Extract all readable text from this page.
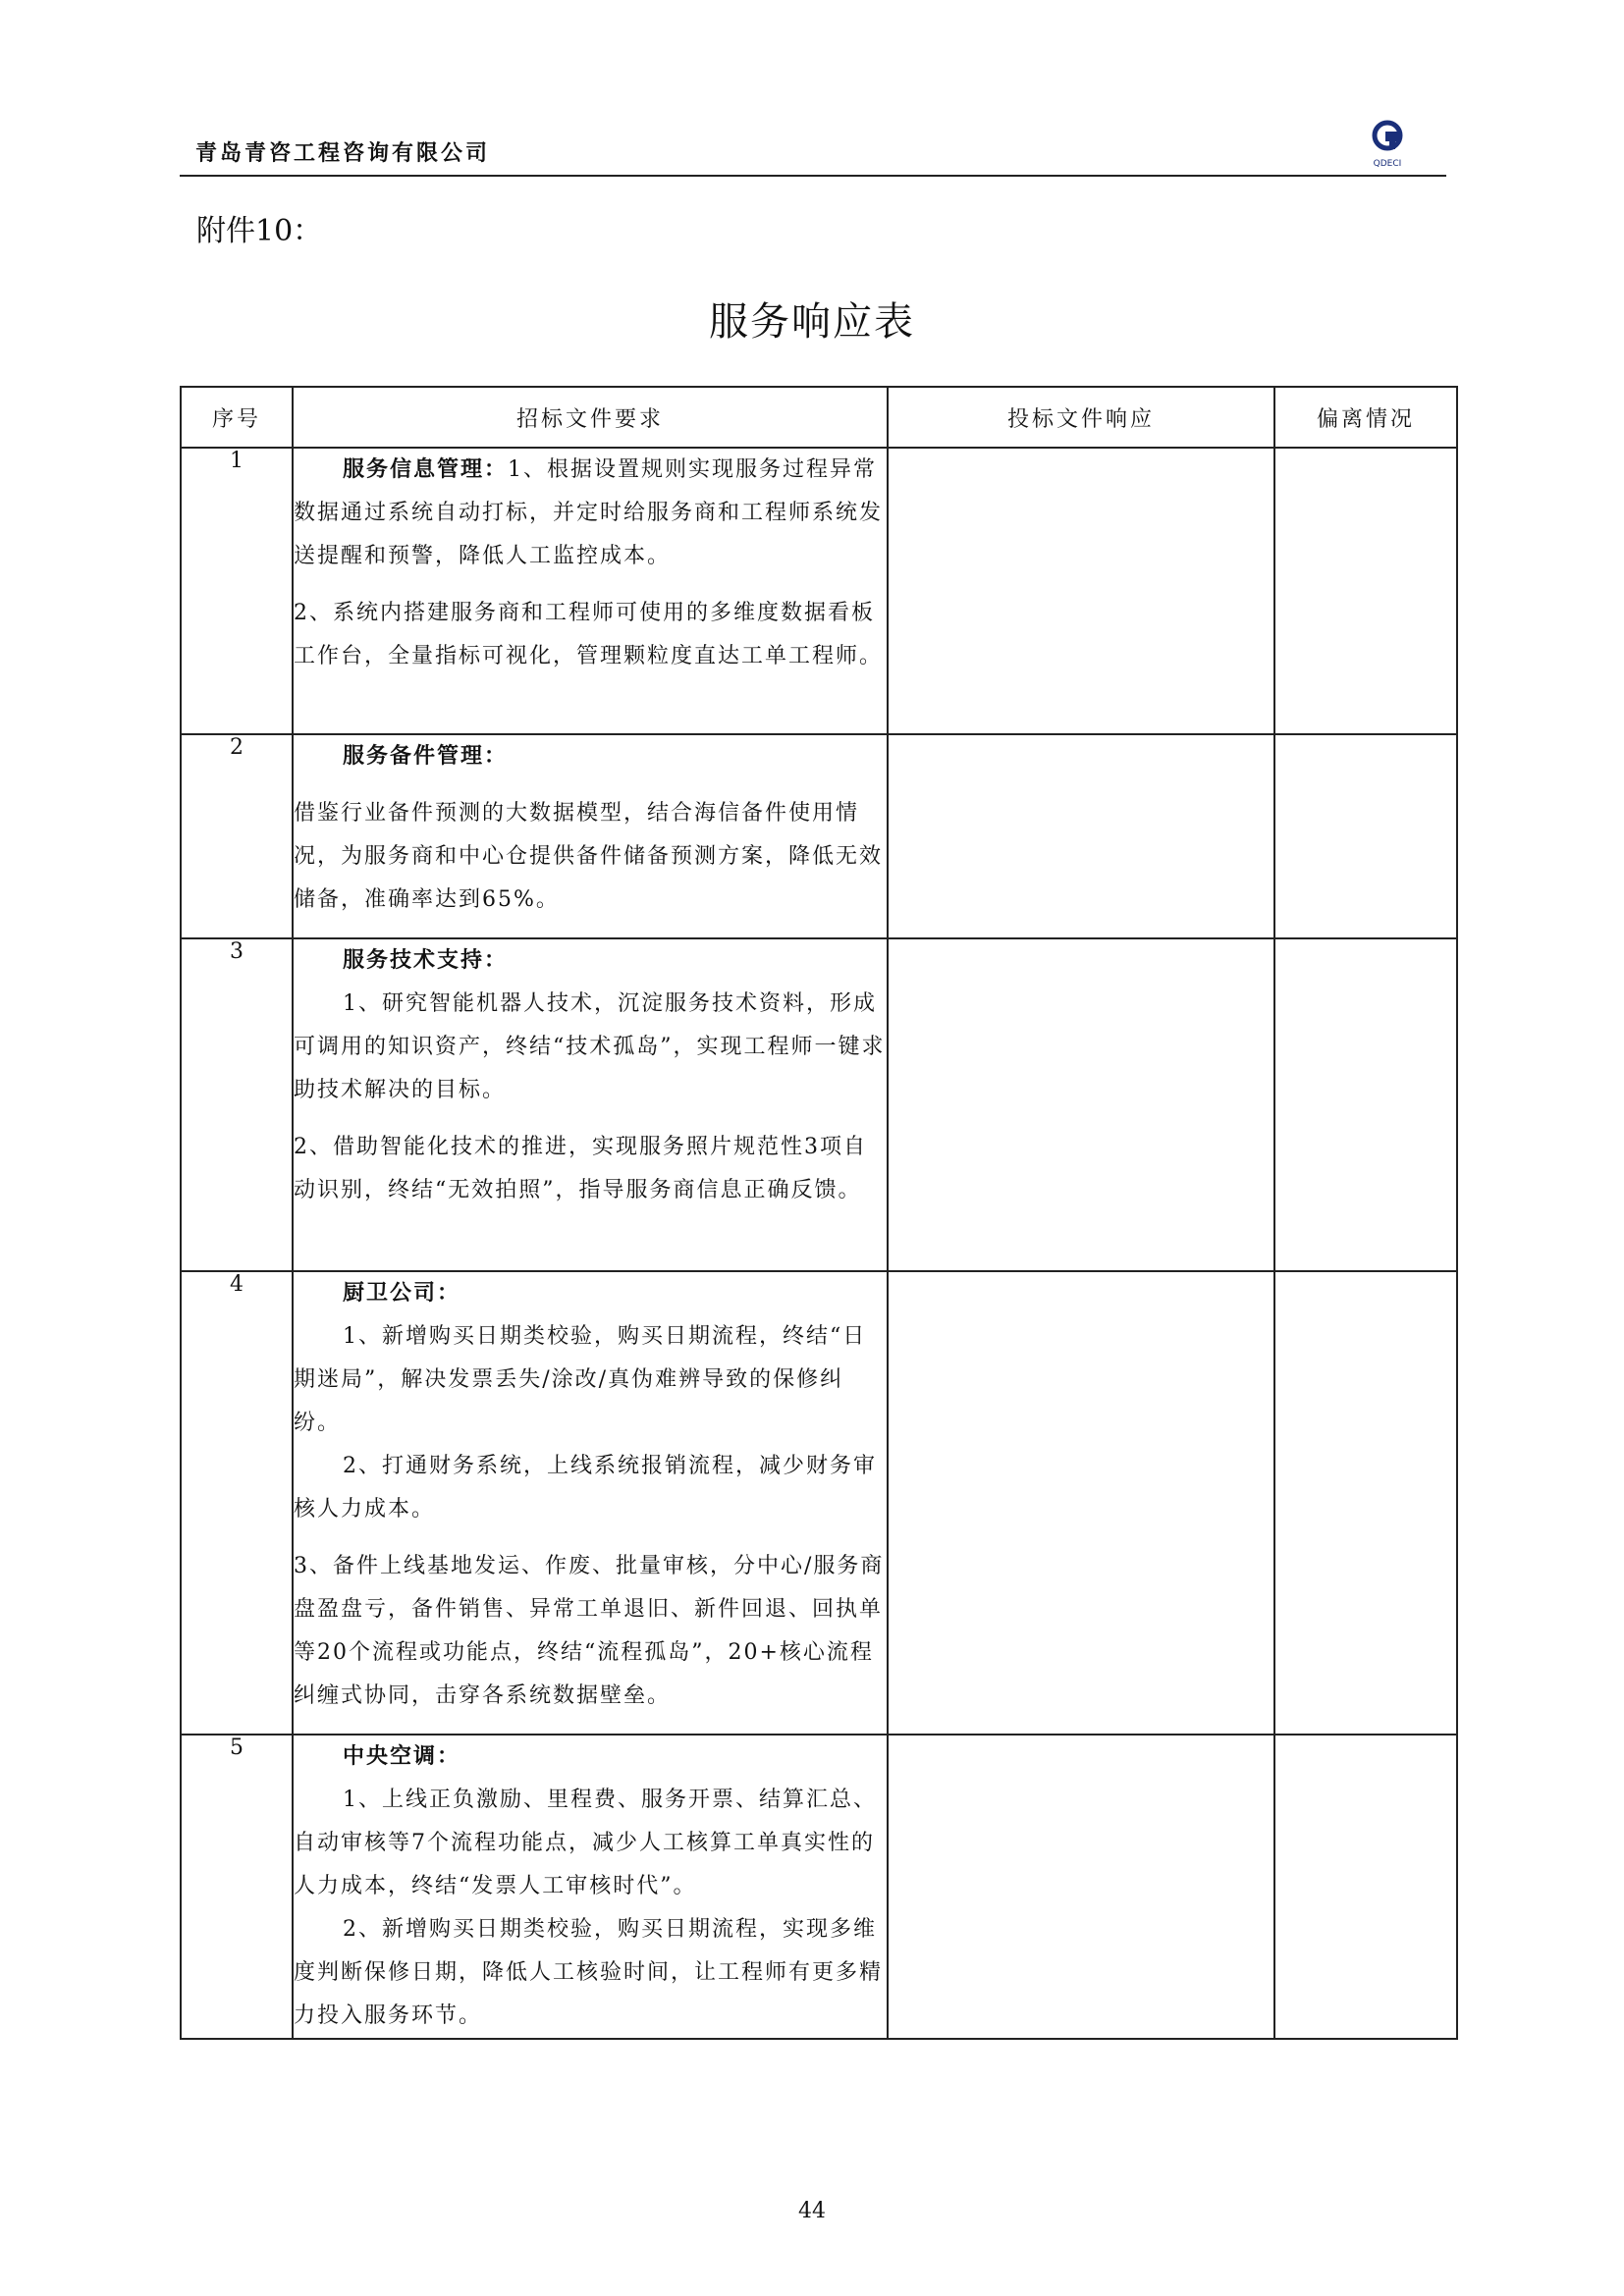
青岛青咨工程咨询有限公司	QDECI
附件10：
服务响应表
序号	招标文件要求	投标文件响应	偏离情况
1	服务信息管理：1、根据设置规则实现服务过程异常数据通过系统自动打标，并定时给服务商和工程师系统发送提醒和预警，降低人工监控成本。

2、系统内搭建服务商和工程师可使用的多维度数据看板工作台，全量指标可视化，管理颗粒度直达工单工程师。		

2	服务备件管理：

借鉴行业备件预测的大数据模型，结合海信备件使用情况，为服务商和中心仓提供备件储备预测方案，降低无效储备，准确率达到65%。		

3	服务技术支持：

1、研究智能机器人技术，沉淀服务技术资料，形成可调用的知识资产，终结“技术孤岛”，实现工程师一键求助技术解决的目标。

2、借助智能化技术的推进，实现服务照片规范性3项自动识别，终结“无效拍照”，指导服务商信息正确反馈。		

4	厨卫公司：

1、新增购买日期类校验，购买日期流程，终结“日期迷局”，解决发票丢失/涂改/真伪难辨导致的保修纠纷。

2、打通财务系统，上线系统报销流程，减少财务审核人力成本。

3、备件上线基地发运、作废、批量审核，分中心/服务商盘盈盘亏，备件销售、异常工单退旧、新件回退、回执单等20个流程或功能点，终结“流程孤岛”，20+核心流程纠缠式协同，击穿各系统数据壁垒。		

5	中央空调：

1、上线正负激励、里程费、服务开票、结算汇总、自动审核等7个流程功能点，减少人工核算工单真实性的人力成本，终结“发票人工审核时代”。

2、新增购买日期类校验，购买日期流程，实现多维度判断保修日期，降低人工核验时间，让工程师有更多精力投入服务环节。		

44
